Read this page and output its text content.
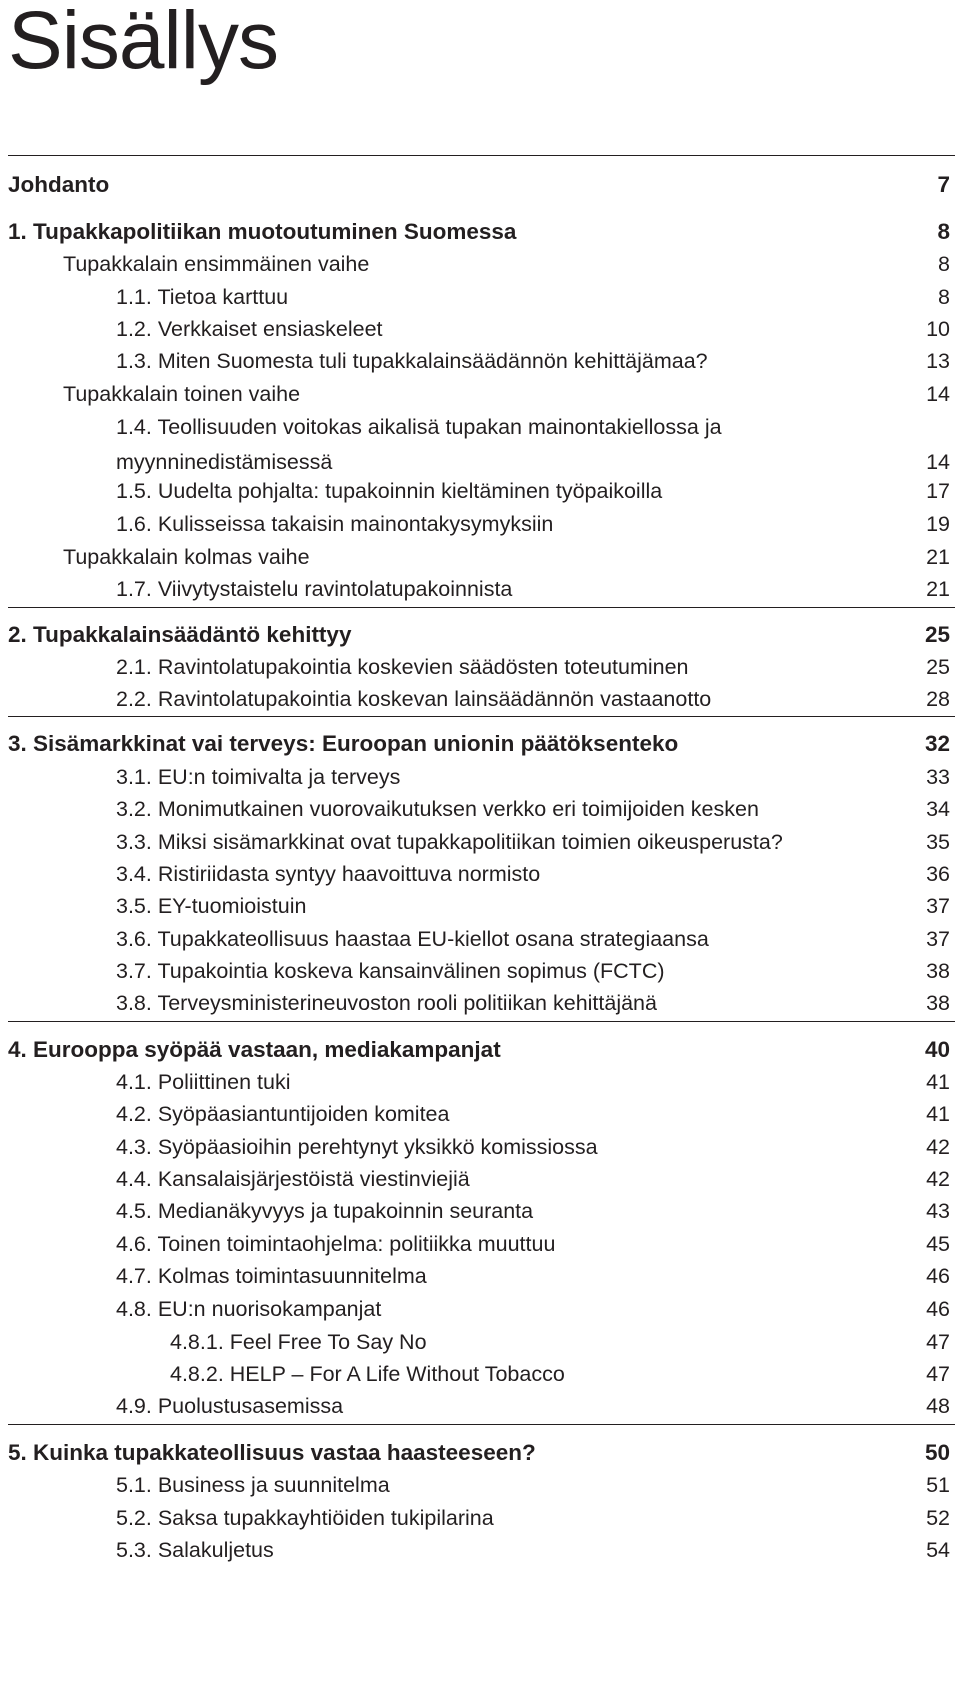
Sisällys
Johdanto	7
1. Tupakkapolitiikan muotoutuminen Suomessa	8
Tupakkalain ensimmäinen vaihe	8
1.1. Tietoa karttuu	8
1.2. Verkkaiset ensiaskeleet	10
1.3. Miten Suomesta tuli tupakkalainsäädännön kehittäjämaa?	13
Tupakkalain toinen vaihe	14
1.4. Teollisuuden voitokas aikalisä tupakan mainontakiellossa ja myynninedistämisessä	14
1.5. Uudelta pohjalta: tupakoinnin kieltäminen työpaikoilla	17
1.6. Kulisseissa takaisin mainontakysymyksiin	19
Tupakkalain kolmas vaihe	21
1.7. Viivytystaistelu ravintolatupakoinnista	21
2. Tupakkalainsäädäntö kehittyy	25
2.1. Ravintolatupakointia koskevien säädösten toteutuminen	25
2.2. Ravintolatupakointia koskevan lainsäädännön vastaanotto	28
3. Sisämarkkinat vai terveys: Euroopan unionin päätöksenteko	32
3.1. EU:n toimivalta ja terveys	33
3.2. Monimutkainen vuorovaikutuksen verkko eri toimijoiden kesken	34
3.3. Miksi sisämarkkinat ovat tupakkapolitiikan toimien oikeusperusta?	35
3.4. Ristiriidasta syntyy haavoittuva normisto	36
3.5. EY-tuomioistuin	37
3.6. Tupakkateollisuus haastaa EU-kiellot osana strategiaansa	37
3.7. Tupakointia koskeva kansainvälinen sopimus (FCTC)	38
3.8. Terveysministerineuvoston rooli politiikan kehittäjänä	38
4. Eurooppa syöpää vastaan, mediakampanjat	40
4.1. Poliittinen tuki	41
4.2. Syöpäasiantuntijoiden komitea	41
4.3. Syöpäasioihin perehtynyt yksikkö komissiossa	42
4.4. Kansalaisjärjestöistä viestinviejiä	42
4.5. Medianäkyvyys ja tupakoinnin seuranta	43
4.6. Toinen toimintaohjelma: politiikka muuttuu	45
4.7. Kolmas toimintasuunnitelma	46
4.8. EU:n nuorisokampanjat	46
4.8.1. Feel Free To Say No	47
4.8.2. HELP – For A Life Without Tobacco	47
4.9. Puolustusasemissa	48
5. Kuinka tupakkateollisuus vastaa haasteeseen?	50
5.1. Business ja suunnitelma	51
5.2. Saksa tupakkayhtiöiden tukipilarina	52
5.3. Salakuljetus	54
